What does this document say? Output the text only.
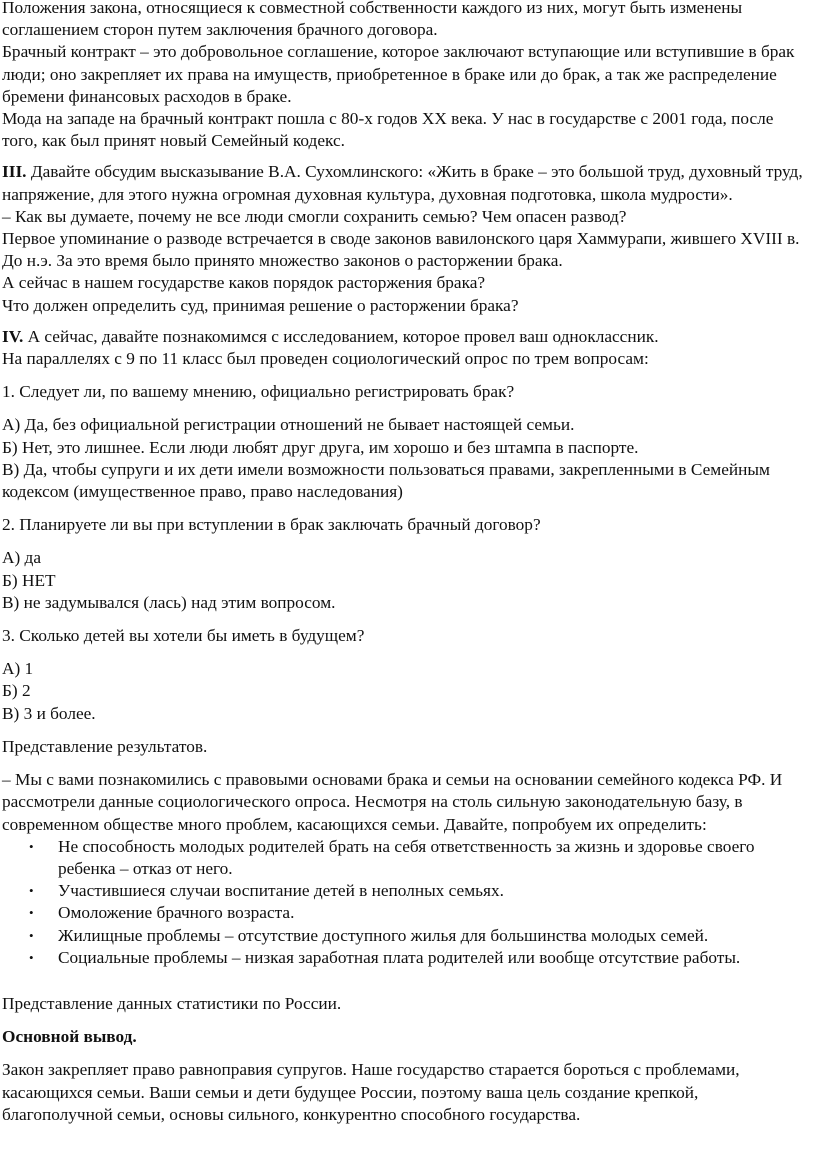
Положения закона, относящиеся к совместной собственности каждого из них, могут быть изменены соглашением сторон путем заключения брачного договора.

Брачный контракт – это добровольное соглашение, которое заключают вступающие или вступившие в брак люди; оно закрепляет их права на имуществ, приобретенное в браке или до брак, а так же распределение бремени финансовых расходов в браке.

Мода на западе на брачный контракт пошла с 80-х годов XX века. У нас в государстве с 2001 года, после того, как был принят новый Семейный кодекс.

III. Давайте обсудим высказывание В.А. Сухомлинского: «Жить в браке – это большой труд, духовный труд, напряжение, для этого нужна огромная духовная культура, духовная подготовка, школа мудрости».

– Как вы думаете, почему не все люди смогли сохранить семью? Чем опасен развод?

Первое упоминание о разводе встречается в своде законов вавилонского царя Хаммурапи, жившего XVIII в. До н.э. За это время было принято множество законов о расторжении брака.

А сейчас в нашем государстве каков порядок расторжения брака?

Что должен определить суд, принимая решение о расторжении брака?

IV. А сейчас, давайте познакомимся с исследованием, которое провел ваш одноклассник.

На параллелях с 9 по 11 класс был проведен социологический опрос по трем вопросам:

1. Следует ли, по вашему мнению, официально регистрировать брак?

А) Да, без официальной регистрации отношений не бывает настоящей семьи.

Б) Нет, это лишнее. Если люди любят друг друга, им хорошо и без штампа в паспорте.

В) Да, чтобы супруги и их дети имели возможности пользоваться правами, закрепленными в Семейным кодексом (имущественное право, право наследования)

2. Планируете ли вы при вступлении в брак заключать брачный договор?

А) да

Б) НЕТ

В) не задумывался (лась) над этим вопросом.

3. Сколько детей вы хотели бы иметь в будущем?

А) 1

Б) 2

В) 3 и более.

Представление результатов.

– Мы с вами познакомились с правовыми основами брака и семьи на основании семейного кодекса РФ. И рассмотрели данные социологического опроса. Несмотря на столь сильную законодательную базу, в современном обществе много проблем, касающихся семьи. Давайте, попробуем их определить:

• Не способность молодых родителей брать на себя ответственность за жизнь и здоровье своего ребенка – отказ от него.
• Участившиеся случаи воспитание детей в неполных семьях.
• Омоложение брачного возраста.
• Жилищные проблемы – отсутствие доступного жилья для большинства молодых семей.
• Социальные проблемы – низкая заработная плата родителей или вообще отсутствие работы.

Представление данных статистики по России.

Основной вывод.

Закон закрепляет право равноправия супругов. Наше государство старается бороться с проблемами, касающихся семьи. Ваши семьи и дети будущее России, поэтому ваша цель создание крепкой, благополучной семьи, основы сильного, конкурентно способного государства.
